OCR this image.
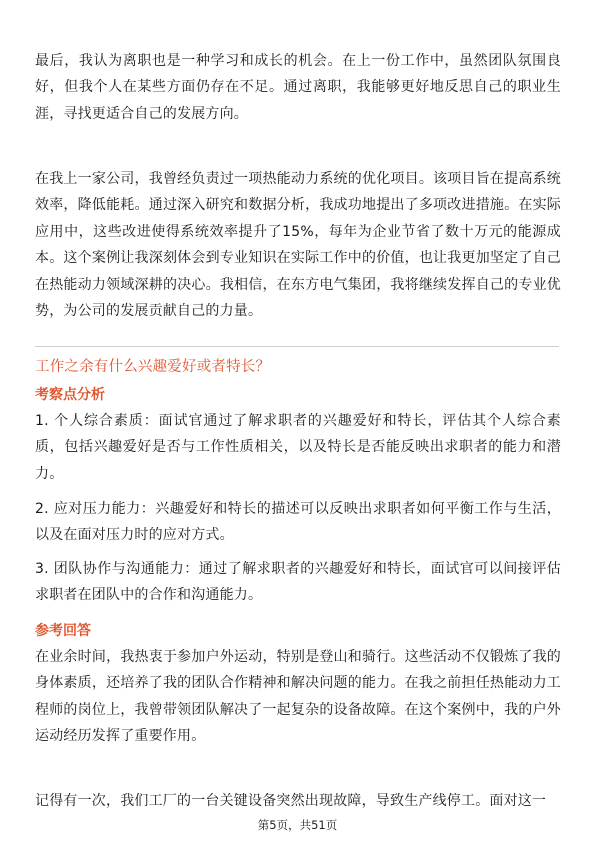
最后，我认为离职也是一种学习和成长的机会。在上一份工作中，虽然团队氛围良好，但我个人在某些方面仍存在不足。通过离职，我能够更好地反思自己的职业生涯，寻找更适合自己的发展方向。

在我上一家公司，我曾经负责过一项热能动力系统的优化项目。该项目旨在提高系统效率，降低能耗。通过深入研究和数据分析，我成功地提出了多项改进措施。在实际应用中，这些改进使得系统效率提升了15%，每年为企业节省了数十万元的能源成本。这个案例让我深刻体会到专业知识在实际工作中的价值，也让我更加坚定了自己在热能动力领域深耕的决心。我相信，在东方电气集团，我将继续发挥自己的专业优势，为公司的发展贡献自己的力量。

工作之余有什么兴趣爱好或者特长？

考察点分析

1. 个人综合素质：面试官通过了解求职者的兴趣爱好和特长，评估其个人综合素质，包括兴趣爱好是否与工作性质相关，以及特长是否能反映出求职者的能力和潜力。

2. 应对压力能力：兴趣爱好和特长的描述可以反映出求职者如何平衡工作与生活，以及在面对压力时的应对方式。

3. 团队协作与沟通能力：通过了解求职者的兴趣爱好和特长，面试官可以间接评估求职者在团队中的合作和沟通能力。

参考回答

在业余时间，我热衷于参加户外运动，特别是登山和骑行。这些活动不仅锻炼了我的身体素质，还培养了我的团队合作精神和解决问题的能力。在我之前担任热能动力工程师的岗位上，我曾带领团队解决了一起复杂的设备故障。在这个案例中，我的户外运动经历发挥了重要作用。

记得有一次，我们工厂的一台关键设备突然出现故障，导致生产线停工。面对这一

第5页，共51页
